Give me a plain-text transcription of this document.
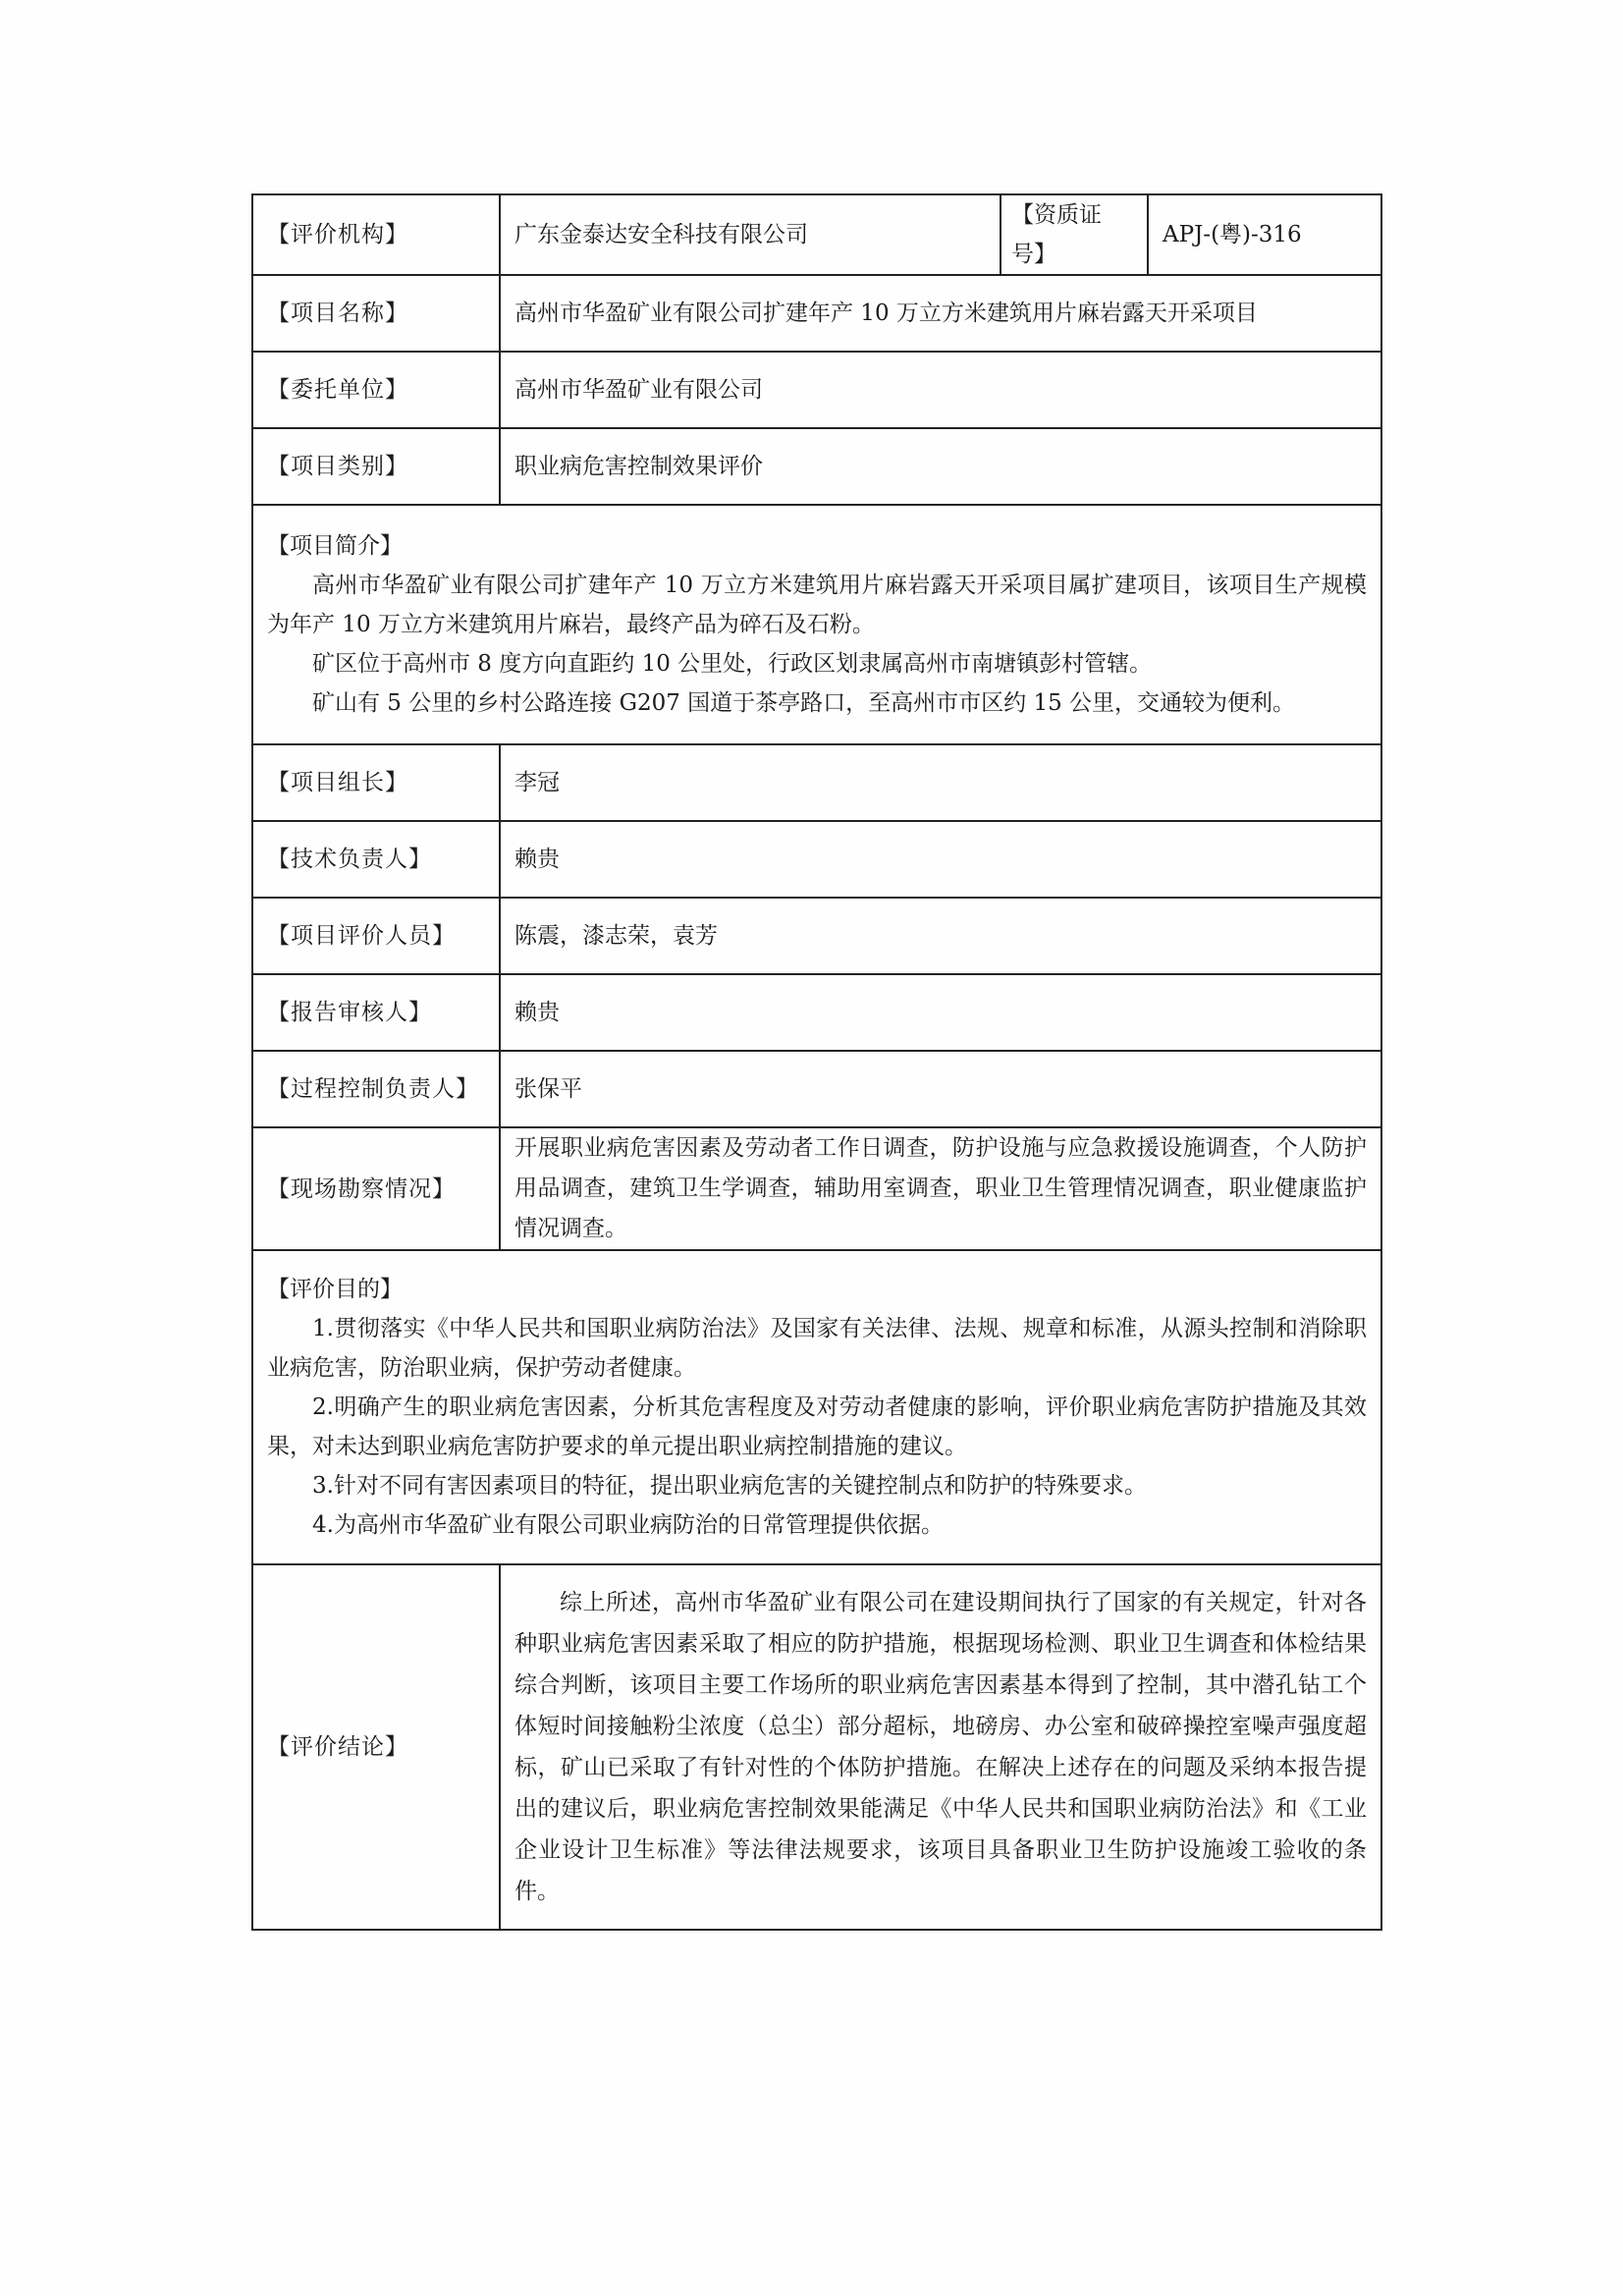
【评价机构】	广东金泰达安全科技有限公司	【资质证号】	APJ-(粤)-316
【项目名称】	高州市华盈矿业有限公司扩建年产 10 万立方米建筑用片麻岩露天开采项目		
【委托单位】	高州市华盈矿业有限公司		
【项目类别】	职业病危害控制效果评价		

【项目简介】
高州市华盈矿业有限公司扩建年产 10 万立方米建筑用片麻岩露天开采项目属扩建项目，该项目生产规模为年产 10 万立方米建筑用片麻岩，最终产品为碎石及石粉。
矿区位于高州市 8 度方向直距约 10 公里处，行政区划隶属高州市南塘镇彭村管辖。
矿山有 5 公里的乡村公路连接 G207 国道于茶亭路口，至高州市市区约 15 公里，交通较为便利。			

【项目组长】	李冠		
【技术负责人】	赖贵		
【项目评价人员】	陈震，漆志荣，袁芳		
【报告审核人】	赖贵		
【过程控制负责人】	张保平		
【现场勘察情况】	开展职业病危害因素及劳动者工作日调查，防护设施与应急救援设施调查，个人防护用品调查，建筑卫生学调查，辅助用室调查，职业卫生管理情况调查，职业健康监护情况调查。		

【评价目的】
1.贯彻落实《中华人民共和国职业病防治法》及国家有关法律、法规、规章和标准，从源头控制和消除职业病危害，防治职业病，保护劳动者健康。
2.明确产生的职业病危害因素，分析其危害程度及对劳动者健康的影响，评价职业病危害防护措施及其效果，对未达到职业病危害防护要求的单元提出职业病控制措施的建议。
3.针对不同有害因素项目的特征，提出职业病危害的关键控制点和防护的特殊要求。
4.为高州市华盈矿业有限公司职业病防治的日常管理提供依据。			

【评价结论】	综上所述，高州市华盈矿业有限公司在建设期间执行了国家的有关规定，针对各种职业病危害因素采取了相应的防护措施，根据现场检测、职业卫生调查和体检结果综合判断，该项目主要工作场所的职业病危害因素基本得到了控制，其中潜孔钻工个体短时间接触粉尘浓度（总尘）部分超标，地磅房、办公室和破碎操控室噪声强度超标，矿山已采取了有针对性的个体防护措施。在解决上述存在的问题及采纳本报告提出的建议后，职业病危害控制效果能满足《中华人民共和国职业病防治法》和《工业企业设计卫生标准》等法律法规要求，该项目具备职业卫生防护设施竣工验收的条件。		
